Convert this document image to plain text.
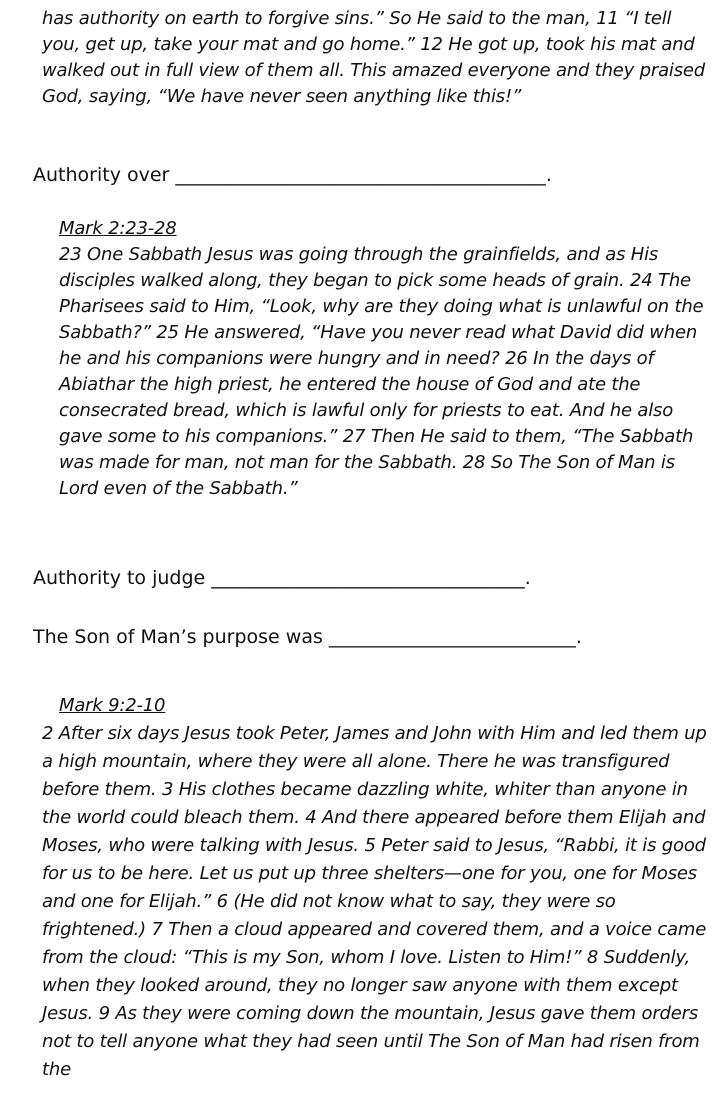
has authority on earth to forgive sins.” So He said to the man, 11 “I tell you, get up, take your mat and go home.” 12 He got up, took his mat and walked out in full view of them all. This amazed everyone and they praised God, saying, “We have never seen anything like this!”

Authority over _______________________________________.

Mark 2:23-28

23 One Sabbath Jesus was going through the grainfields, and as His disciples walked along, they began to pick some heads of grain. 24 The Pharisees said to Him, “Look, why are they doing what is unlawful on the Sabbath?” 25 He answered, “Have you never read what David did when he and his companions were hungry and in need? 26 In the days of Abiathar the high priest, he entered the house of God and ate the consecrated bread, which is lawful only for priests to eat. And he also gave some to his companions.” 27 Then He said to them, “The Sabbath was made for man, not man for the Sabbath. 28 So The Son of Man is Lord even of the Sabbath.”

Authority to judge _________________________________.

The Son of Man’s purpose was __________________________.

Mark 9:2-10

2 After six days Jesus took Peter, James and John with Him and led them up a high mountain, where they were all alone. There he was transfigured before them. 3 His clothes became dazzling white, whiter than anyone in the world could bleach them. 4 And there appeared before them Elijah and Moses, who were talking with Jesus. 5 Peter said to Jesus, “Rabbi, it is good for us to be here. Let us put up three shelters—one for you, one for Moses and one for Elijah.” 6 (He did not know what to say, they were so frightened.) 7 Then a cloud appeared and covered them, and a voice came from the cloud: “This is my Son, whom I love. Listen to Him!” 8 Suddenly, when they looked around, they no longer saw anyone with them except Jesus. 9 As they were coming down the mountain, Jesus gave them orders not to tell anyone what they had seen until The Son of Man had risen from the
